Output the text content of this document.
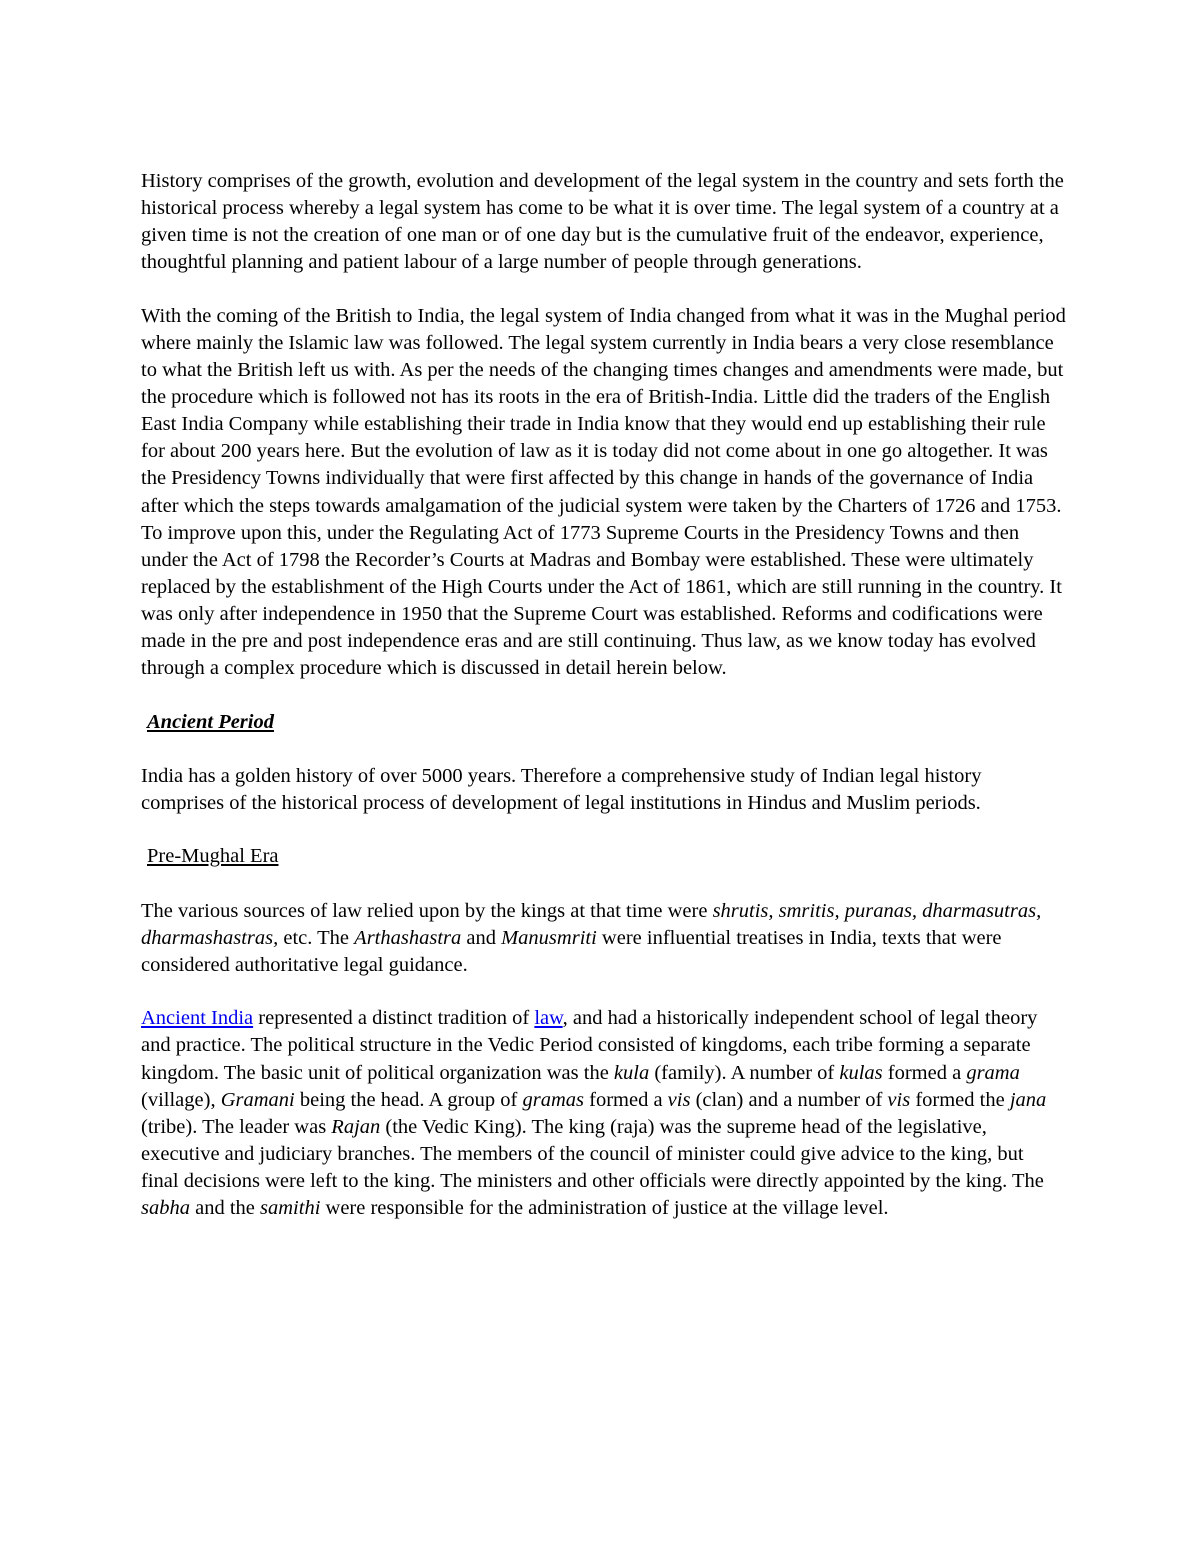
History comprises of the growth, evolution and development of the legal system in the country and sets forth the historical process whereby a legal system has come to be what it is over time. The legal system of a country at a given time is not the creation of one man or of one day but is the cumulative fruit of the endeavor, experience, thoughtful planning and patient labour of a large number of people through generations.

With the coming of the British to India, the legal system of India changed from what it was in the Mughal period where mainly the Islamic law was followed. The legal system currently in India bears a very close resemblance to what the British left us with. As per the needs of the changing times changes and amendments were made, but the procedure which is followed not has its roots in the era of British-India. Little did the traders of the English East India Company while establishing their trade in India know that they would end up establishing their rule for about 200 years here. But the evolution of law as it is today did not come about in one go altogether. It was the Presidency Towns individually that were first affected by this change in hands of the governance of India after which the steps towards amalgamation of the judicial system were taken by the Charters of 1726 and 1753. To improve upon this, under the Regulating Act of 1773 Supreme Courts in the Presidency Towns and then under the Act of 1798 the Recorder’s Courts at Madras and Bombay were established. These were ultimately replaced by the establishment of the High Courts under the Act of 1861, which are still running in the country. It was only after independence in 1950 that the Supreme Court was established. Reforms and codifications were made in the pre and post independence eras and are still continuing. Thus law, as we know today has evolved through a complex procedure which is discussed in detail herein below.

Ancient Period

India has a golden history of over 5000 years. Therefore a comprehensive study of Indian legal history comprises of the historical process of development of legal institutions in Hindus and Muslim periods.

Pre-Mughal Era

The various sources of law relied upon by the kings at that time were shrutis, smritis, puranas, dharmasutras, dharmashastras, etc. The Arthashastra and Manusmriti were influential treatises in India, texts that were considered authoritative legal guidance.

Ancient India represented a distinct tradition of law, and had a historically independent school of legal theory and practice. The political structure in the Vedic Period consisted of kingdoms, each tribe forming a separate kingdom. The basic unit of political organization was the kula (family). A number of kulas formed a grama (village), Gramani being the head. A group of gramas formed a vis (clan) and a number of vis formed the jana (tribe). The leader was Rajan (the Vedic King). The king (raja) was the supreme head of the legislative, executive and judiciary branches. The members of the council of minister could give advice to the king, but final decisions were left to the king. The ministers and other officials were directly appointed by the king. The sabha and the samithi were responsible for the administration of justice at the village level.
